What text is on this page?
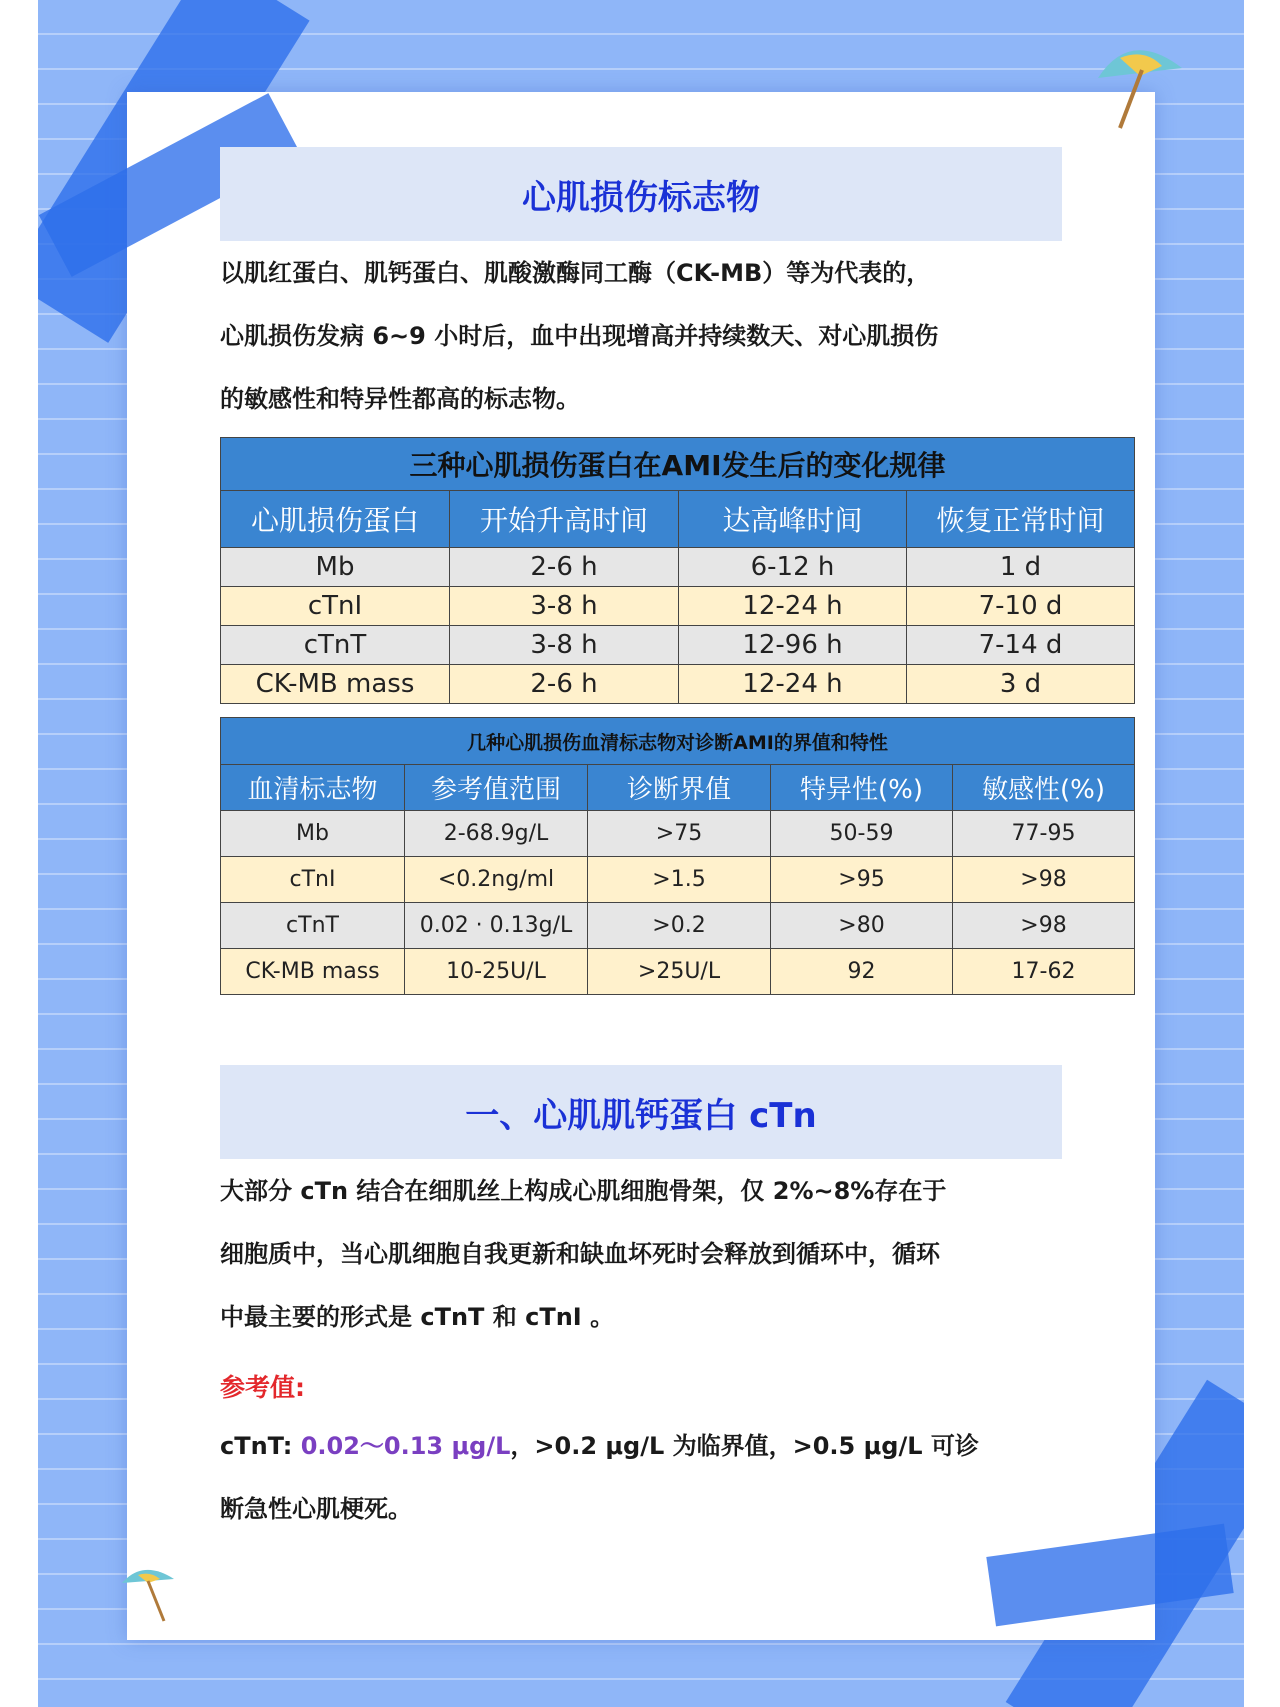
心肌损伤标志物
以肌红蛋白、肌钙蛋白、肌酸激酶同工酶（CK-MB）等为代表的，
心肌损伤发病 6~9 小时后，血中出现增高并持续数天、对心肌损伤
的敏感性和特异性都高的标志物。
三种心肌损伤蛋白在AMI发生后的变化规律			
心肌损伤蛋白	开始升高时间	达高峰时间	恢复正常时间
Mb	2-6 h	6-12 h	1 d
cTnI	3-8 h	12-24 h	7-10 d
cTnT	3-8 h	12-96 h	7-14 d
CK-MB mass	2-6 h	12-24 h	3 d
几种心肌损伤血清标志物对诊断AMI的界值和特性				
血清标志物	参考值范围	诊断界值	特异性(%)	敏感性(%)
Mb	2-68.9g/L	>75	50-59	77-95
cTnI	<0.2ng/ml	>1.5	>95	>98
cTnT	0.02 · 0.13g/L	>0.2	>80	>98
CK-MB mass	10-25U/L	>25U/L	92	17-62
一、心肌肌钙蛋白 cTn
大部分 cTn 结合在细肌丝上构成心肌细胞骨架，仅 2%~8%存在于
细胞质中，当心肌细胞自我更新和缺血坏死时会释放到循环中，循环
中最主要的形式是 cTnT 和 cTnI 。
参考值:
cTnT: 0.02～0.13 μg/L，>0.2 μg/L 为临界值，>0.5 μg/L 可诊
断急性心肌梗死。
